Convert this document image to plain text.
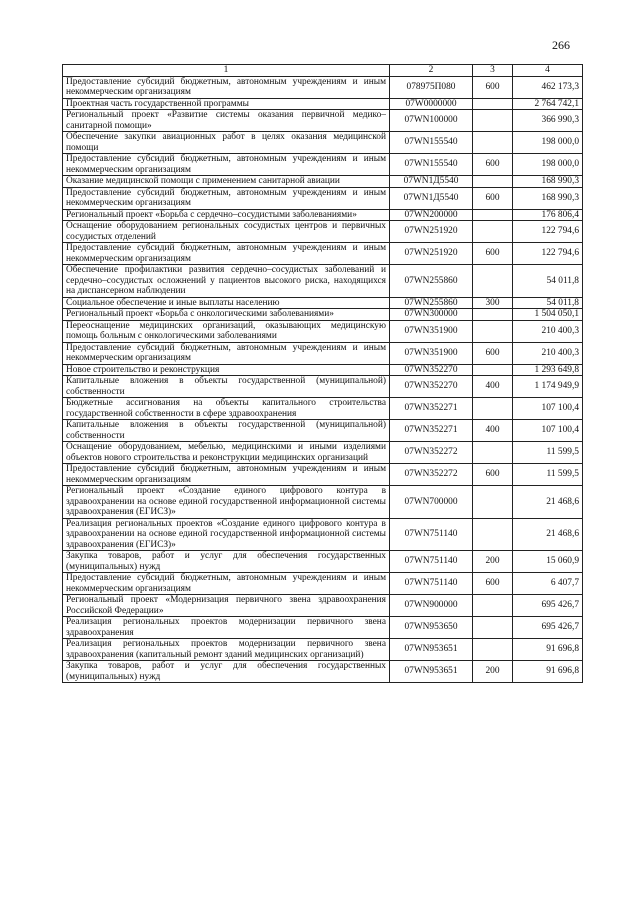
266
1	2	3	4
Предоставление субсидий бюджетным, автономным учреждениям и иным некоммерческим организациям	078975П080	600	462 173,3
Проектная часть государственной программы	07W0000000		2 764 742,1
Региональный проект «Развитие системы оказания первичной медико–санитарной помощи»	07WN100000		366 990,3
Обеспечение закупки авиационных работ в целях оказания медицинской помощи	07WN155540		198 000,0
Предоставление субсидий бюджетным, автономным учреждениям и иным некоммерческим организациям	07WN155540	600	198 000,0
Оказание медицинской помощи с применением санитарной авиации	07WN1Д5540		168 990,3
Предоставление субсидий бюджетным, автономным учреждениям и иным некоммерческим организациям	07WN1Д5540	600	168 990,3
Региональный проект «Борьба с сердечно–сосудистыми заболеваниями»	07WN200000		176 806,4
Оснащение оборудованием региональных сосудистых центров и первичных сосудистых отделений	07WN251920		122 794,6
Предоставление субсидий бюджетным, автономным учреждениям и иным некоммерческим организациям	07WN251920	600	122 794,6
Обеспечение профилактики развития сердечно–сосудистых заболеваний и сердечно–сосудистых осложнений у пациентов высокого риска, находящихся на диспансерном наблюдении	07WN255860		54 011,8
Социальное обеспечение и иные выплаты населению	07WN255860	300	54 011,8
Региональный проект «Борьба с онкологическими заболеваниями»	07WN300000		1 504 050,1
Переоснащение медицинских организаций, оказывающих медицинскую помощь больным с онкологическими заболеваниями	07WN351900		210 400,3
Предоставление субсидий бюджетным, автономным учреждениям и иным некоммерческим организациям	07WN351900	600	210 400,3
Новое строительство и реконструкция	07WN352270		1 293 649,8
Капитальные вложения в объекты государственной (муниципальной) собственности	07WN352270	400	1 174 949,9
Бюджетные ассигнования на объекты капитального строительства государственной собственности в сфере здравоохранения	07WN352271		107 100,4
Капитальные вложения в объекты государственной (муниципальной) собственности	07WN352271	400	107 100,4
Оснащение оборудованием, мебелью, медицинскими и иными изделиями объектов нового строительства и реконструкции медицинских организаций	07WN352272		11 599,5
Предоставление субсидий бюджетным, автономным учреждениям и иным некоммерческим организациям	07WN352272	600	11 599,5
Региональный проект «Создание единого цифрового контура в здравоохранении на основе единой государственной информационной системы здравоохранения (ЕГИСЗ)»	07WN700000		21 468,6
Реализация региональных проектов «Создание единого цифрового контура в здравоохранении на основе единой государственной информационной системы здравоохранения (ЕГИСЗ)»	07WN751140		21 468,6
Закупка товаров, работ и услуг для обеспечения государственных (муниципальных) нужд	07WN751140	200	15 060,9
Предоставление субсидий бюджетным, автономным учреждениям и иным некоммерческим организациям	07WN751140	600	6 407,7
Региональный проект «Модернизация первичного звена здравоохранения Российской Федерации»	07WN900000		695 426,7
Реализация региональных проектов модернизации первичного звена здравоохранения	07WN953650		695 426,7
Реализация региональных проектов модернизации первичного звена здравоохранения (капитальный ремонт зданий медицинских организаций)	07WN953651		91 696,8
Закупка товаров, работ и услуг для обеспечения государственных (муниципальных) нужд	07WN953651	200	91 696,8
